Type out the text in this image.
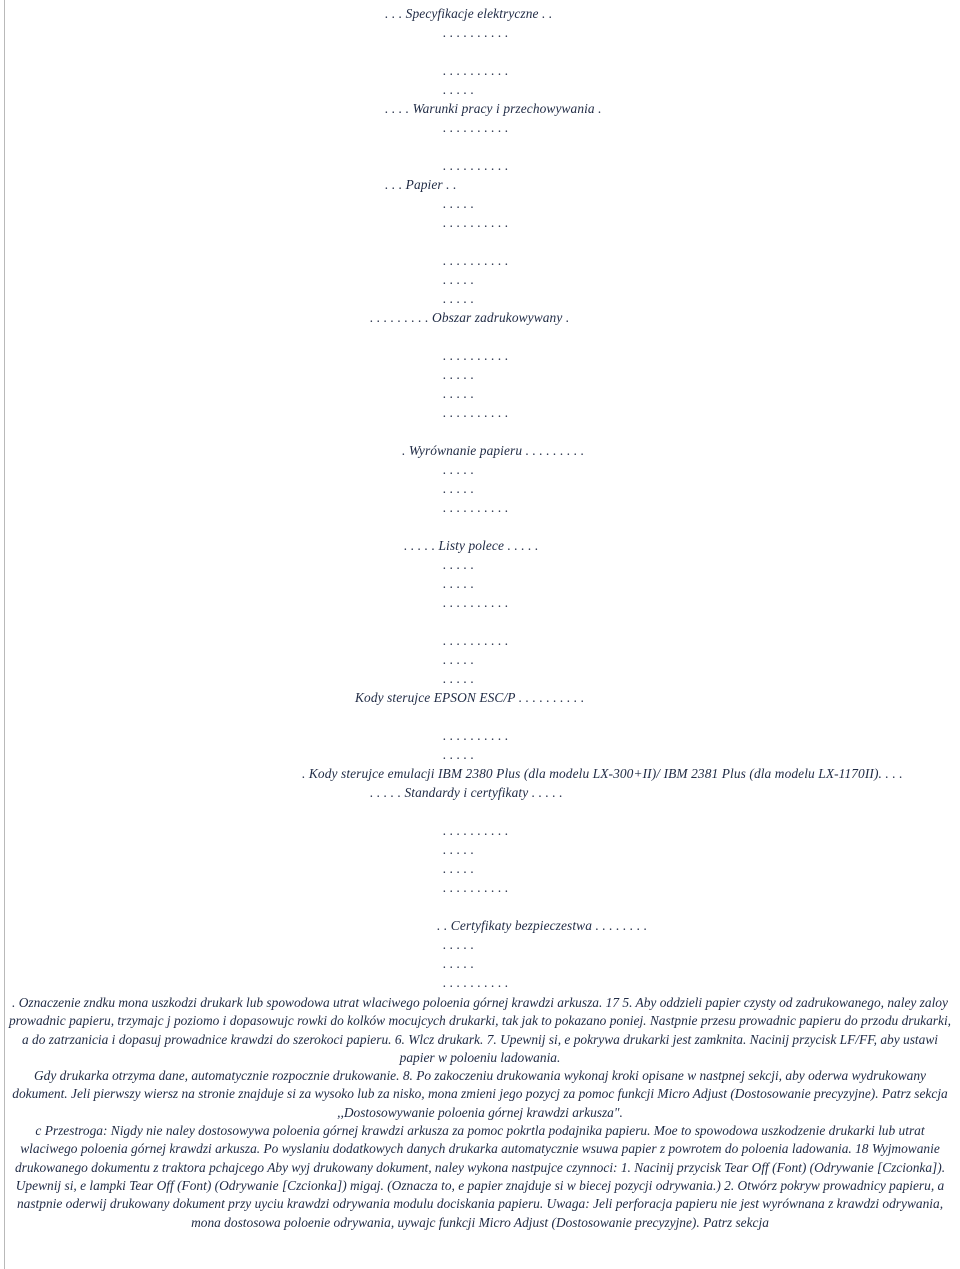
. . . Specyfikacje elektryczne . .
. . . . . . . . . .
. . . . . . . . . .
. . . . .
. . . . Warunki pracy i przechowywania .
. . . . . . . . . .
. . . . . . . . . .
. . . Papier . .
. . . . .
. . . . . . . . . .
. . . . . . . . . .
. . . . .
. . . . .
. . . . . . . . . Obszar zadrukowywany .
. . . . . . . . . .
. . . . .
. . . . .
. . . . . . . . . .
. Wyrównanie papieru . . . . . . . . .
. . . . .
. . . . .
. . . . . . . . . .
. . . . . Listy polece . . . . .
. . . . .
. . . . .
. . . . . . . . . .
. . . . . . . . . .
. . . . .
. . . . .
Kody sterujce EPSON ESC/P . . . . . . . . . .
. . . . . . . . . .
. . . . .
. Kody sterujce emulacji IBM 2380 Plus (dla modelu LX-300+II)/ IBM 2381 Plus (dla modelu LX-1170II). . . .
. . . . . Standardy i certyfikaty . . . . .
. . . . . . . . . .
. . . . .
. . . . .
. . . . . . . . . .
. . Certyfikaty bezpieczestwa . . . . . . . .
. . . . .
. . . . .
. . . . . . . . . .

. Oznaczenie zndku mona uszkodzi drukark lub spowodowa utrat wlaciwego poloenia górnej krawdzi arkusza. 17 5. Aby oddzieli papier czysty od zadrukowanego, naley zaloy prowadnic papieru, trzymajc j poziomo i dopasowujc rowki do kolków mocujcych drukarki, tak jak to pokazano poniej. Nastpnie przesu prowadnic papieru do przodu drukarki, a do zatrzanicia i dopasuj prowadnice krawdzi do szerokoci papieru. 6. Wlcz drukark. 7. Upewnij si, e pokrywa drukarki jest zamknita. Nacinij przycisk LF/FF, aby ustawi papier w poloeniu ladowania.

Gdy drukarka otrzyma dane, automatycznie rozpocznie drukowanie. 8. Po zakoczeniu drukowania wykonaj kroki opisane w nastpnej sekcji, aby oderwa wydrukowany dokument. Jeli pierwszy wiersz na stronie znajduje si za wysoko lub za nisko, mona zmieni jego pozycj za pomoc funkcji Micro Adjust (Dostosowanie precyzyjne). Patrz sekcja ,,Dostosowywanie poloenia górnej krawdzi arkusza".

c Przestroga: Nigdy nie naley dostosowywa poloenia górnej krawdzi arkusza za pomoc pokrtla podajnika papieru. Moe to spowodowa uszkodzenie drukarki lub utrat wlaciwego poloenia górnej krawdzi arkusza. Po wyslaniu dodatkowych danych drukarka automatycznie wsuwa papier z powrotem do poloenia ladowania. 18 Wyjmowanie drukowanego dokumentu z traktora pchajcego Aby wyj drukowany dokument, naley wykona nastpujce czynnoci: 1. Nacinij przycisk Tear Off (Font) (Odrywanie [Czcionka]).

Upewnij si, e lampki Tear Off (Font) (Odrywanie [Czcionka]) migaj. (Oznacza to, e papier znajduje si w biecej pozycji odrywania.) 2. Otwórz pokryw prowadnicy papieru, a nastpnie oderwij drukowany dokument przy uyciu krawdzi odrywania modulu dociskania papieru. Uwaga: Jeli perforacja papieru nie jest wyrównana z krawdzi odrywania, mona dostosowa poloenie odrywania, uywajc funkcji Micro Adjust (Dostosowanie precyzyjne). Patrz sekcja
